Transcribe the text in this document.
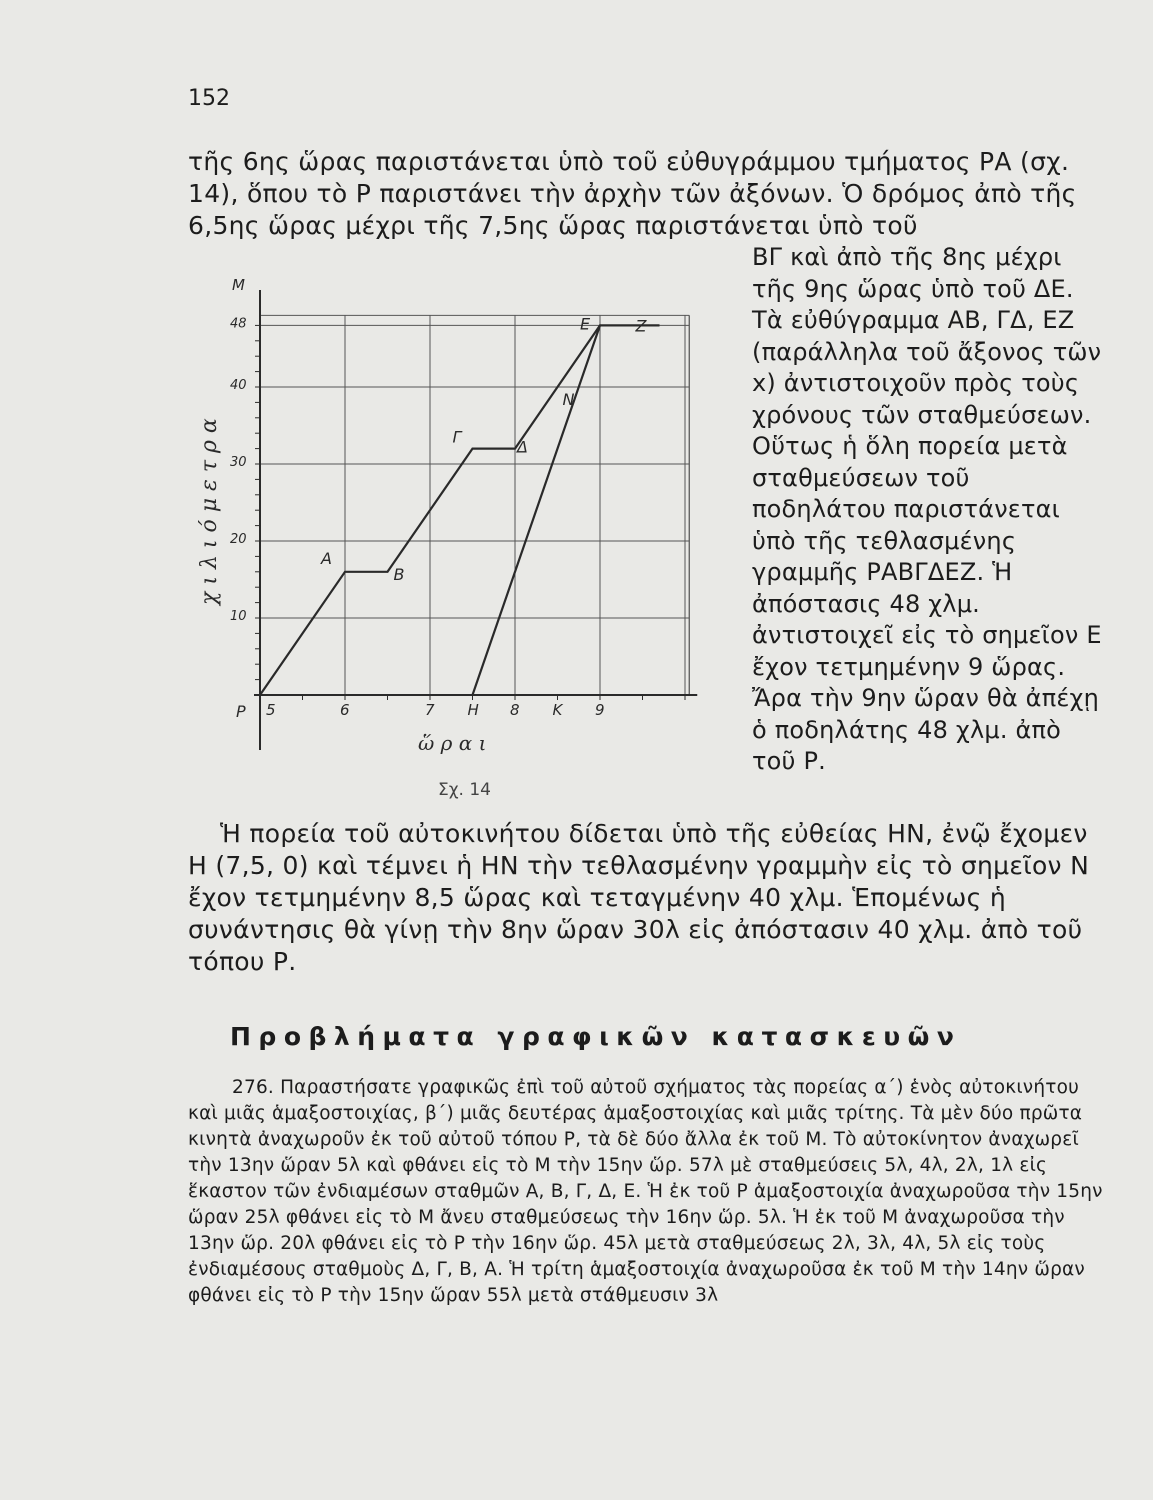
152
τῆς 6ης ὥρας παριστάνεται ὑπὸ τοῦ εὐθυγράμμου τμήματος ΡΑ (σχ. 14), ὅπου τὸ Ρ παριστάνει τὴν ἀρχὴν τῶν ἀξόνων. Ὁ δρόμος ἀπὸ τῆς 6,5ης ὥρας μέχρι τῆς 7,5ης ὥρας παριστάνεται ὑπὸ τοῦ
10
20
30
40
48
5	6	7 Η 8 Κ 9
Ρ
Μ
χ ι λ ι ό μ ε τ ρ α
ὥ ρ α ι
Σχ. 14
Α
Β
Γ
Δ
Ε	Ζ
Ν
ΒΓ καὶ ἀπὸ τῆς 8ης μέχρι τῆς 9ης ὥρας ὑπὸ τοῦ ΔΕ. Τὰ εὐθύγραμμα ΑΒ, ΓΔ, ΕΖ (παράλληλα τοῦ ἄξονος τῶν x) ἀντιστοιχοῦν πρὸς τοὺς χρόνους τῶν σταθμεύσεων. Οὕτως ἡ ὅλη πορεία μετὰ σταθμεύσεων τοῦ ποδηλάτου παριστάνεται ὑπὸ τῆς τεθλασμένης γραμμῆς ΡΑΒΓΔΕΖ. Ἡ ἀπόστασις 48 χλμ. ἀντιστοιχεῖ εἰς τὸ σημεῖον Ε ἔχον τετμημένην 9 ὥρας. Ἄρα τὴν 9ην ὥραν θὰ ἀπέχῃ ὁ ποδηλάτης 48 χλμ. ἀπὸ τοῦ Ρ.
Ἡ πορεία τοῦ αὐτοκινήτου δίδεται ὑπὸ τῆς εὐθείας ΗΝ, ἐνῷ ἔχομεν Η (7,5, 0) καὶ τέμνει ἡ ΗΝ τὴν τεθλασμένην γραμμὴν εἰς τὸ σημεῖον Ν ἔχον τετμημένην 8,5 ὥρας καὶ τεταγμένην 40 χλμ. Ἑπομένως ἡ συνάντησις θὰ γίνῃ τὴν 8ην ὥραν 30λ εἰς ἀπόστασιν 40 χλμ. ἀπὸ τοῦ τόπου Ρ.
Προβλήματα γραφικῶν κατασκευῶν
276. Παραστήσατε γραφικῶς ἐπὶ τοῦ αὐτοῦ σχήματος τὰς πορείας α΄) ἑνὸς αὐτοκινήτου καὶ μιᾶς ἁμαξοστοιχίας, β΄) μιᾶς δευτέρας ἁμαξοστοιχίας καὶ μιᾶς τρίτης. Τὰ μὲν δύο πρῶτα κινητὰ ἀναχωροῦν ἐκ τοῦ αὐτοῦ τόπου Ρ, τὰ δὲ δύο ἄλλα ἐκ τοῦ Μ. Τὸ αὐτοκίνητον ἀναχωρεῖ τὴν 13ην ὥραν 5λ καὶ φθάνει εἰς τὸ Μ τὴν 15ην ὥρ. 57λ μὲ σταθμεύσεις 5λ, 4λ, 2λ, 1λ εἰς ἕκαστον τῶν ἐνδιαμέσων σταθμῶν Α, Β, Γ, Δ, Ε. Ἡ ἐκ τοῦ Ρ ἁμαξοστοιχία ἀναχωροῦσα τὴν 15ην ὥραν 25λ φθάνει εἰς τὸ Μ ἄνευ σταθμεύσεως τὴν 16ην ὥρ. 5λ. Ἡ ἐκ τοῦ Μ ἀναχωροῦσα τὴν 13ην ὥρ. 20λ φθάνει εἰς τὸ Ρ τὴν 16ην ὥρ. 45λ μετὰ σταθμεύσεως 2λ, 3λ, 4λ, 5λ εἰς τοὺς ἐνδιαμέσους σταθμοὺς Δ, Γ, Β, Α. Ἡ τρίτη ἁμαξοστοιχία ἀναχωροῦσα ἐκ τοῦ Μ τὴν 14ην ὥραν φθάνει εἰς τὸ Ρ τὴν 15ην ὥραν 55λ μετὰ στάθμευσιν 3λ
